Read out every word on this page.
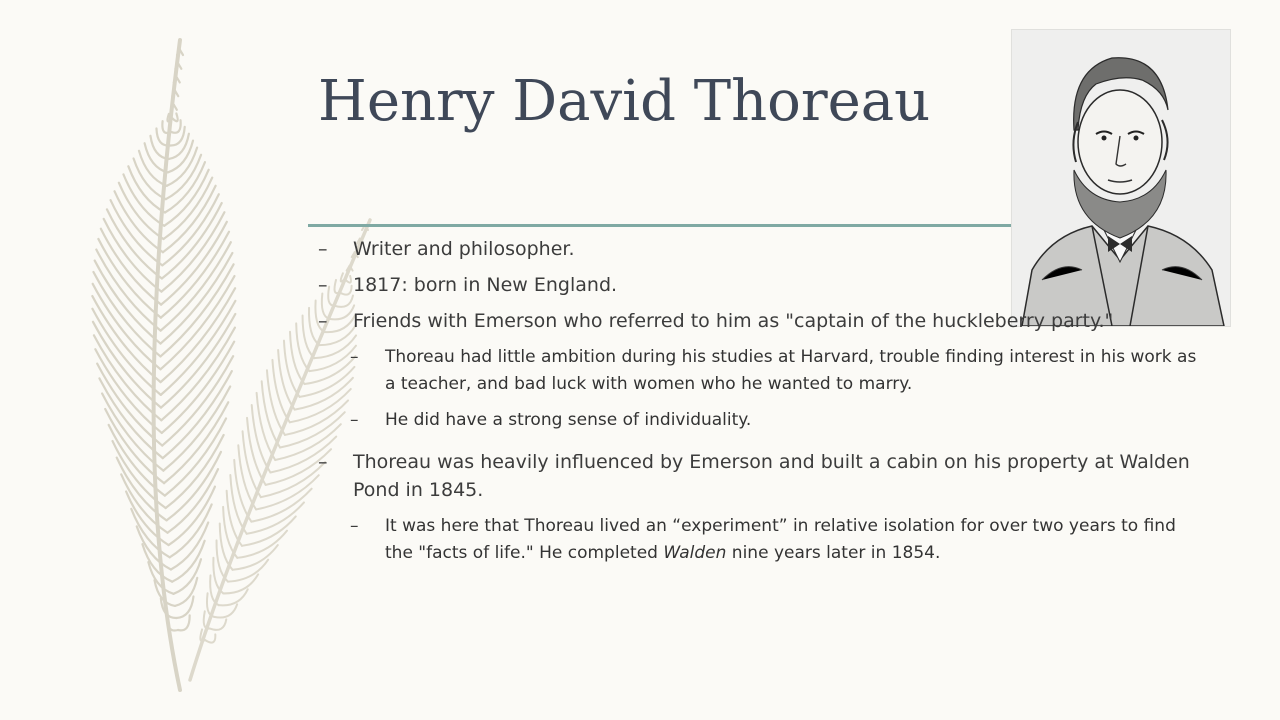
Henry David Thoreau
– Writer and philosopher.
– 1817: born in New England.
– Friends with Emerson who referred to him as "captain of the huckleberry party."
– Thoreau had little ambition during his studies at Harvard, trouble finding interest in his work as a teacher, and bad luck with women who he wanted to marry.
– He did have a strong sense of individuality.
– Thoreau was heavily influenced by Emerson and built a cabin on his property at Walden Pond in 1845.
– It was here that Thoreau lived an “experiment” in relative isolation for over two years to find the "facts of life." He completed Walden nine years later in 1854.
